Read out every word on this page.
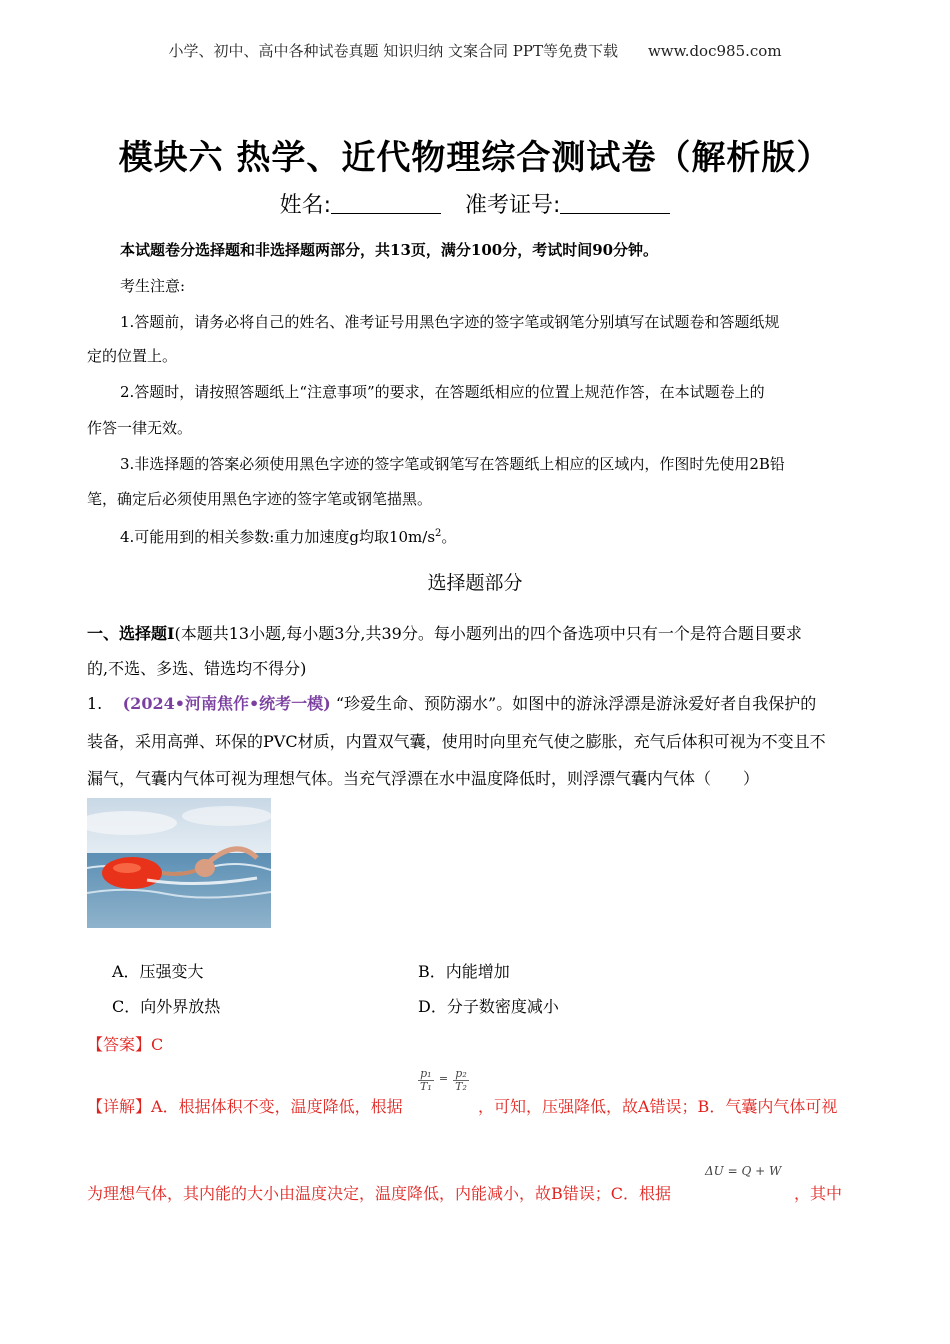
小学、初中、高中各种试卷真题 知识归纳 文案合同 PPT等免费下载 www.doc985.com
模块六 热学、近代物理综合测试卷（解析版）
姓名:	准考证号:
本试题卷分选择题和非选择题两部分，共13页，满分100分，考试时间90分钟。
考生注意:
1.答题前，请务必将自己的姓名、准考证号用黑色字迹的签字笔或钢笔分别填写在试题卷和答题纸规
定的位置上。
2.答题时，请按照答题纸上“注意事项”的要求，在答题纸相应的位置上规范作答，在本试题卷上的
作答一律无效。
3.非选择题的答案必须使用黑色字迹的签字笔或钢笔写在答题纸上相应的区域内，作图时先使用2B铅
笔，确定后必须使用黑色字迹的签字笔或钢笔描黑。
4.可能用到的相关参数:重力加速度g均取$10m/s^2$。
选择题部分
一、选择题Ⅰ(本题共13小题,每小题3分,共39分。每小题列出的四个备选项中只有一个是符合题目要求
的,不选、多选、错选均不得分)
1. (2024•河南焦作•统考一模) “珍爱生命、预防溺水”。如图中的游泳浮漂是游泳爱好者自我保护的
装备，采用高弹、环保的PVC材质，内置双气囊，使用时向里充气使之膨胀，充气后体积可视为不变且不
漏气，气囊内气体可视为理想气体。当充气浮漂在水中温度降低时，则浮漂气囊内气体（　　）
A．压强变大	B．内能增加
C．向外界放热	D．分子数密度减小
【答案】C
【详解】A．根据体积不变，温度降低，根据
$\frac{\text{p₁}}{\text{T₁}} ^= \frac{\text{p₂}}{\text{T₂}}$
，可知，压强降低，故A错误；B．气囊内气体可视
ΔU = Q + W
为理想气体，其内能的大小由温度决定，温度降低，内能减小，故B错误；C．根据	，其中
